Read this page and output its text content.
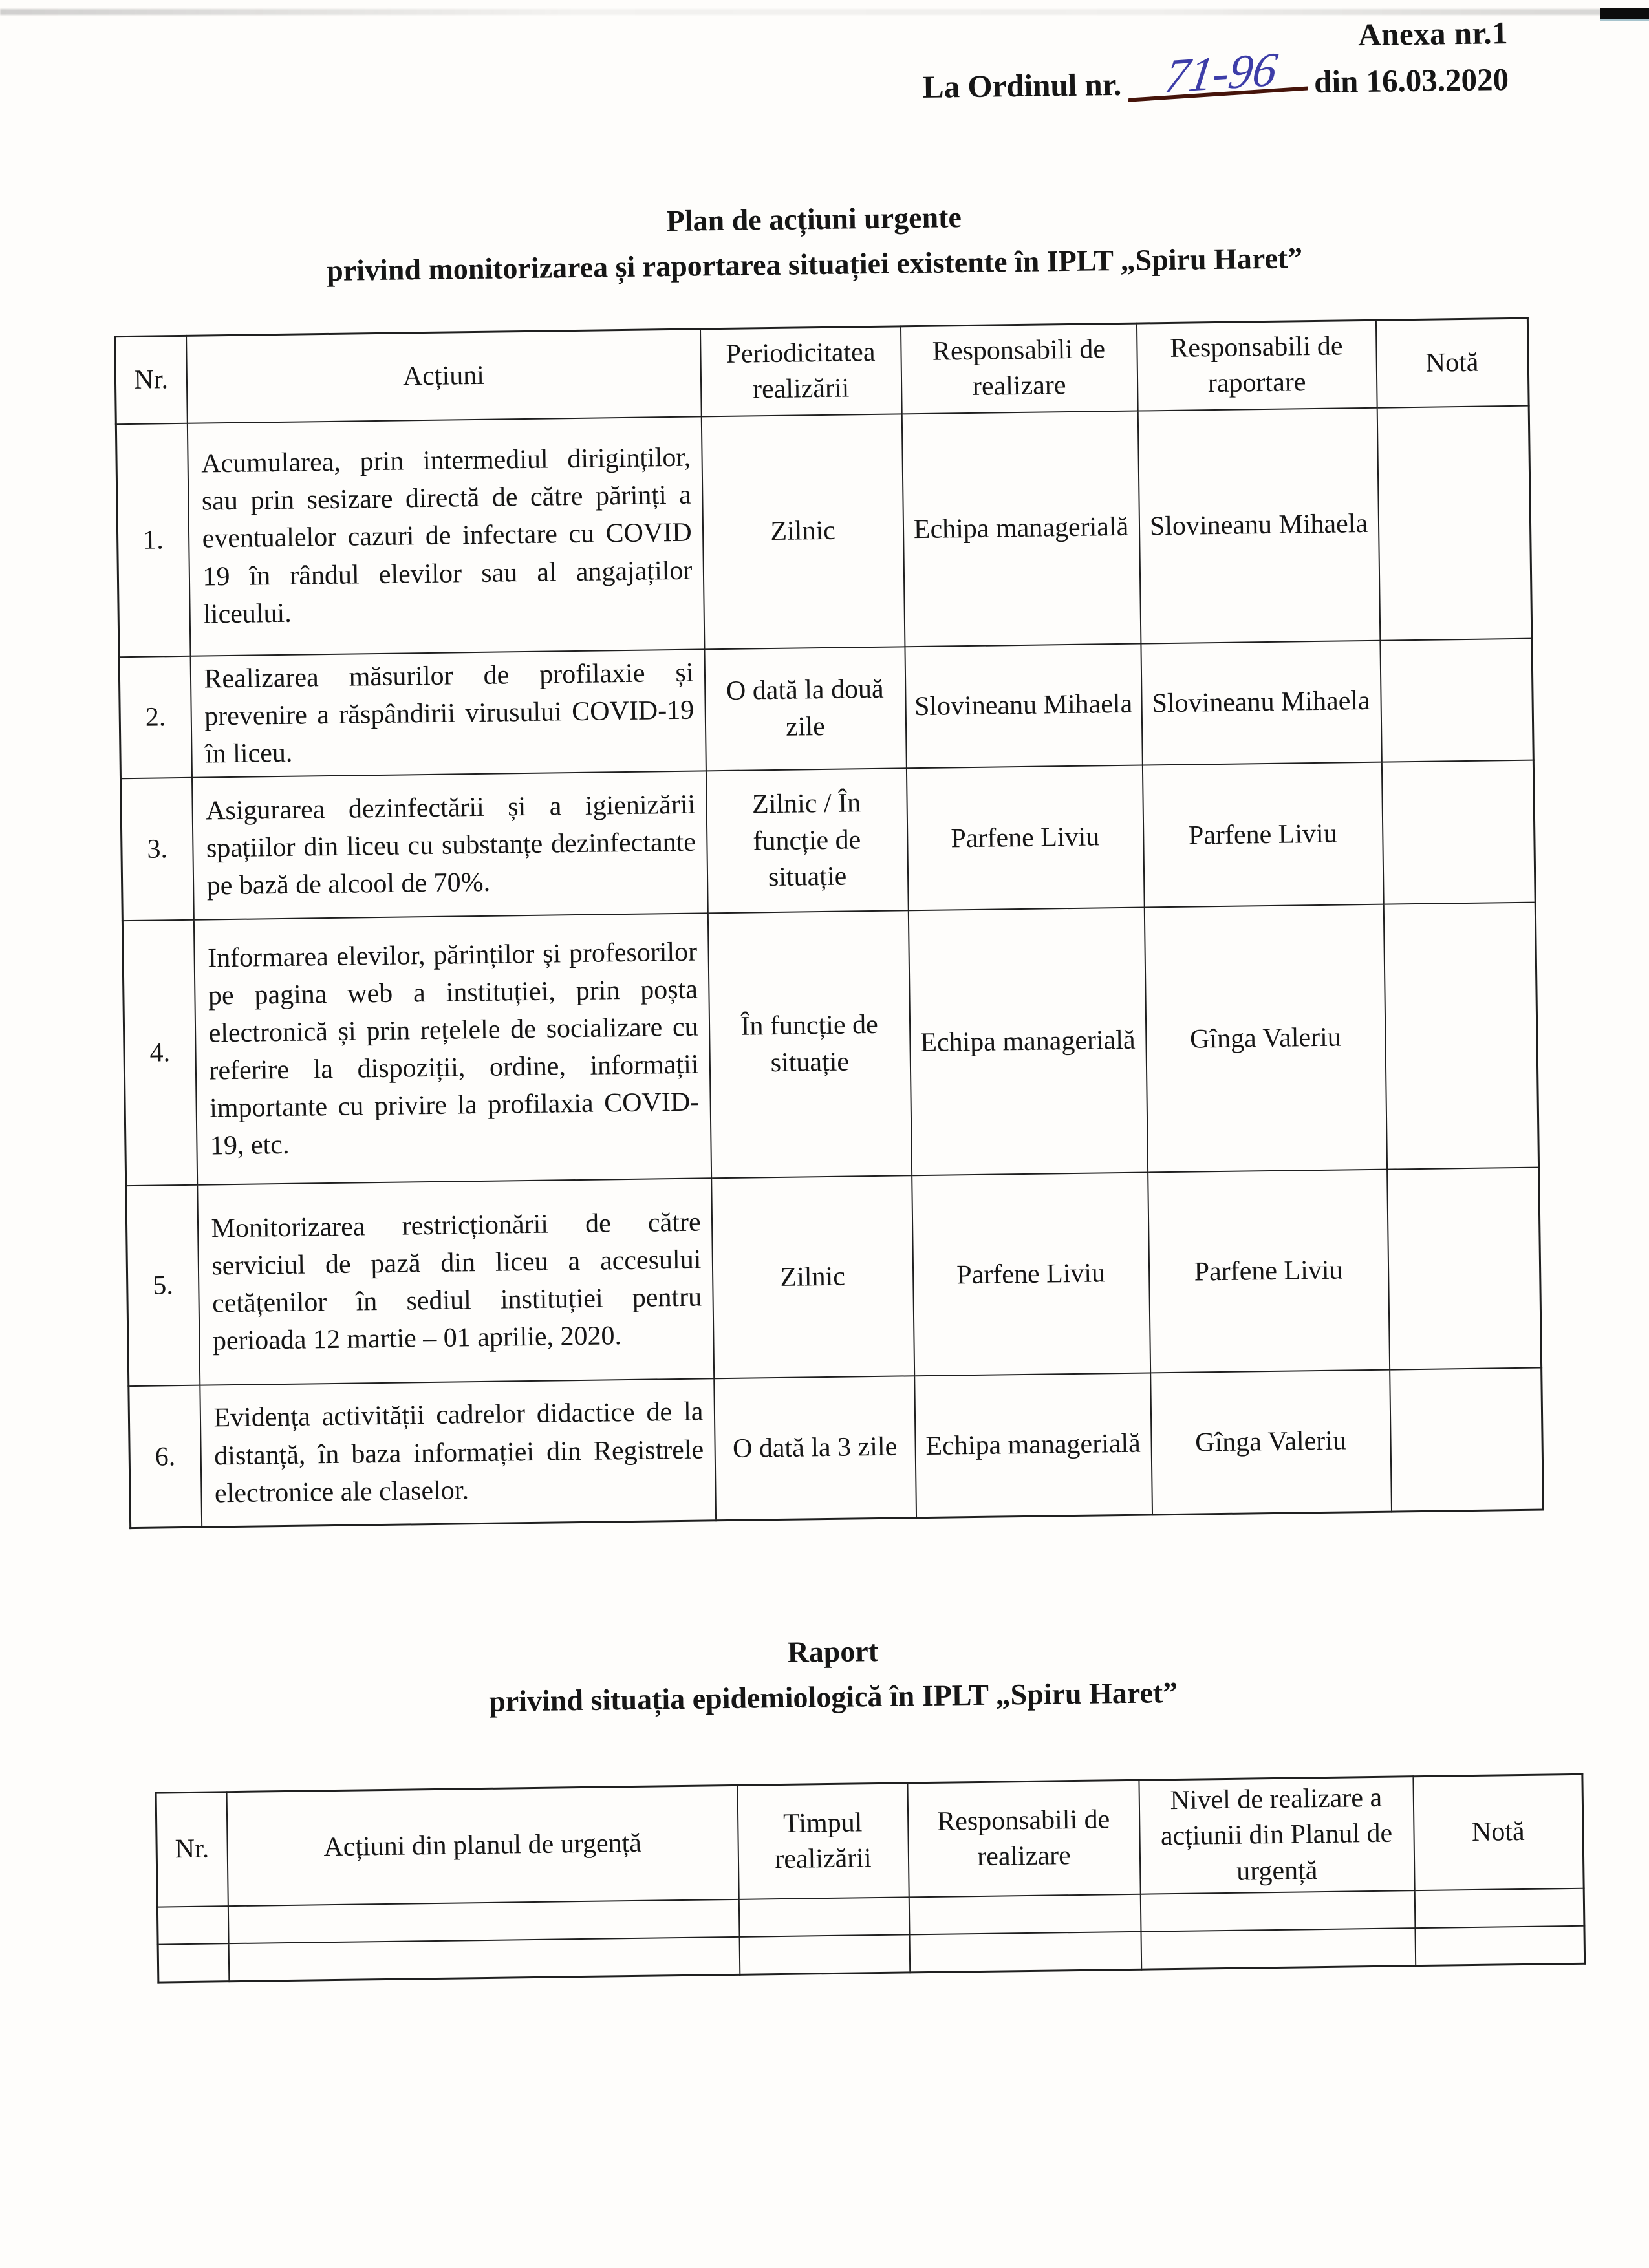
Anexa nr.1
La Ordinul nr. 71-96 din 16.03.2020
Plan de acțiuni urgente
privind monitorizarea și raportarea situației existente în IPLT „Spiru Haret”
Nr.	Acțiuni	Periodicitatea realizării	Responsabili de realizare	Responsabili de raportare	Notă
1.	Acumularea, prin intermediul diriginților, sau prin sesizare directă de către părinți a eventualelor cazuri de infectare cu COVID 19 în rândul elevilor sau al angajaților liceului.	Zilnic	Echipa managerială	Slovineanu Mihaela	
2.	Realizarea măsurilor de profilaxie și prevenire a răspândirii virusului COVID-19 în liceu.	O dată la două zile	Slovineanu Mihaela	Slovineanu Mihaela	
3.	Asigurarea dezinfectării și a igienizării spațiilor din liceu cu substanțe dezinfectante pe bază de alcool de 70%.	Zilnic / În funcție de situație	Parfene Liviu	Parfene Liviu	
4.	Informarea elevilor, părinților și profesorilor pe pagina web a instituției, prin poșta electronică și prin rețelele de socializare cu referire la dispoziții, ordine, informații importante cu privire la profilaxia COVID-19, etc.	În funcție de situație	Echipa managerială	Gînga Valeriu	
5.	Monitorizarea restricționării de către serviciul de pază din liceu a accesului cetățenilor în sediul instituției pentru perioada 12 martie – 01 aprilie, 2020.	Zilnic	Parfene Liviu	Parfene Liviu	
6.	Evidența activității cadrelor didactice de la distanță, în baza informației din Registrele electronice ale claselor.	O dată la 3 zile	Echipa managerială	Gînga Valeriu	
Raport
privind situația epidemiologică în IPLT „Spiru Haret”
Nr.	Acțiuni din planul de urgență	Timpul realizării	Responsabili de realizare	Nivel de realizare a acțiunii din Planul de urgență	Notă
